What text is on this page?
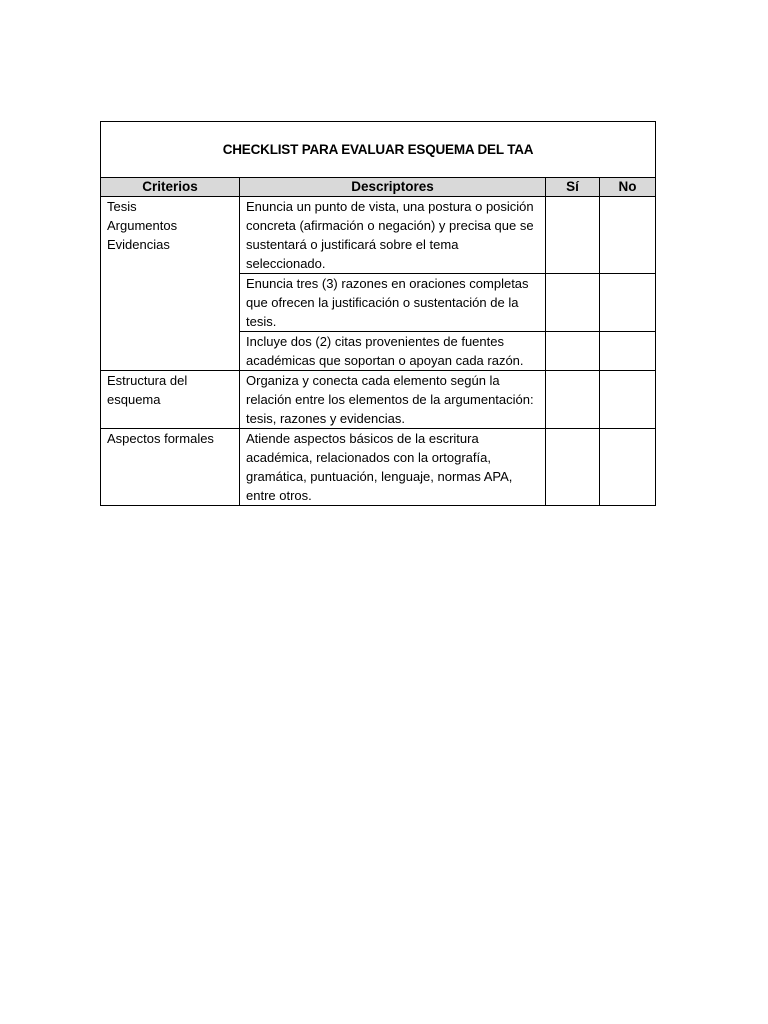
CHECKLIST PARA EVALUAR ESQUEMA DEL TAA			
Criterios	Descriptores	Sí	No

Tesis
Argumentos
Evidencias	Enuncia un punto de vista, una postura o posición concreta (afirmación o negación) y precisa que se sustentará o justificará sobre el tema seleccionado.		
	Enuncia tres (3) razones en oraciones completas que ofrecen la justificación o sustentación de la tesis.		
	Incluye dos (2) citas provenientes de fuentes académicas que soportan o apoyan cada razón.		
Estructura del esquema	Organiza y conecta cada elemento según la relación entre los elementos de la argumentación: tesis, razones y evidencias.		
Aspectos formales	Atiende aspectos básicos de la escritura académica, relacionados con la ortografía, gramática, puntuación, lenguaje, normas APA, entre otros.		
